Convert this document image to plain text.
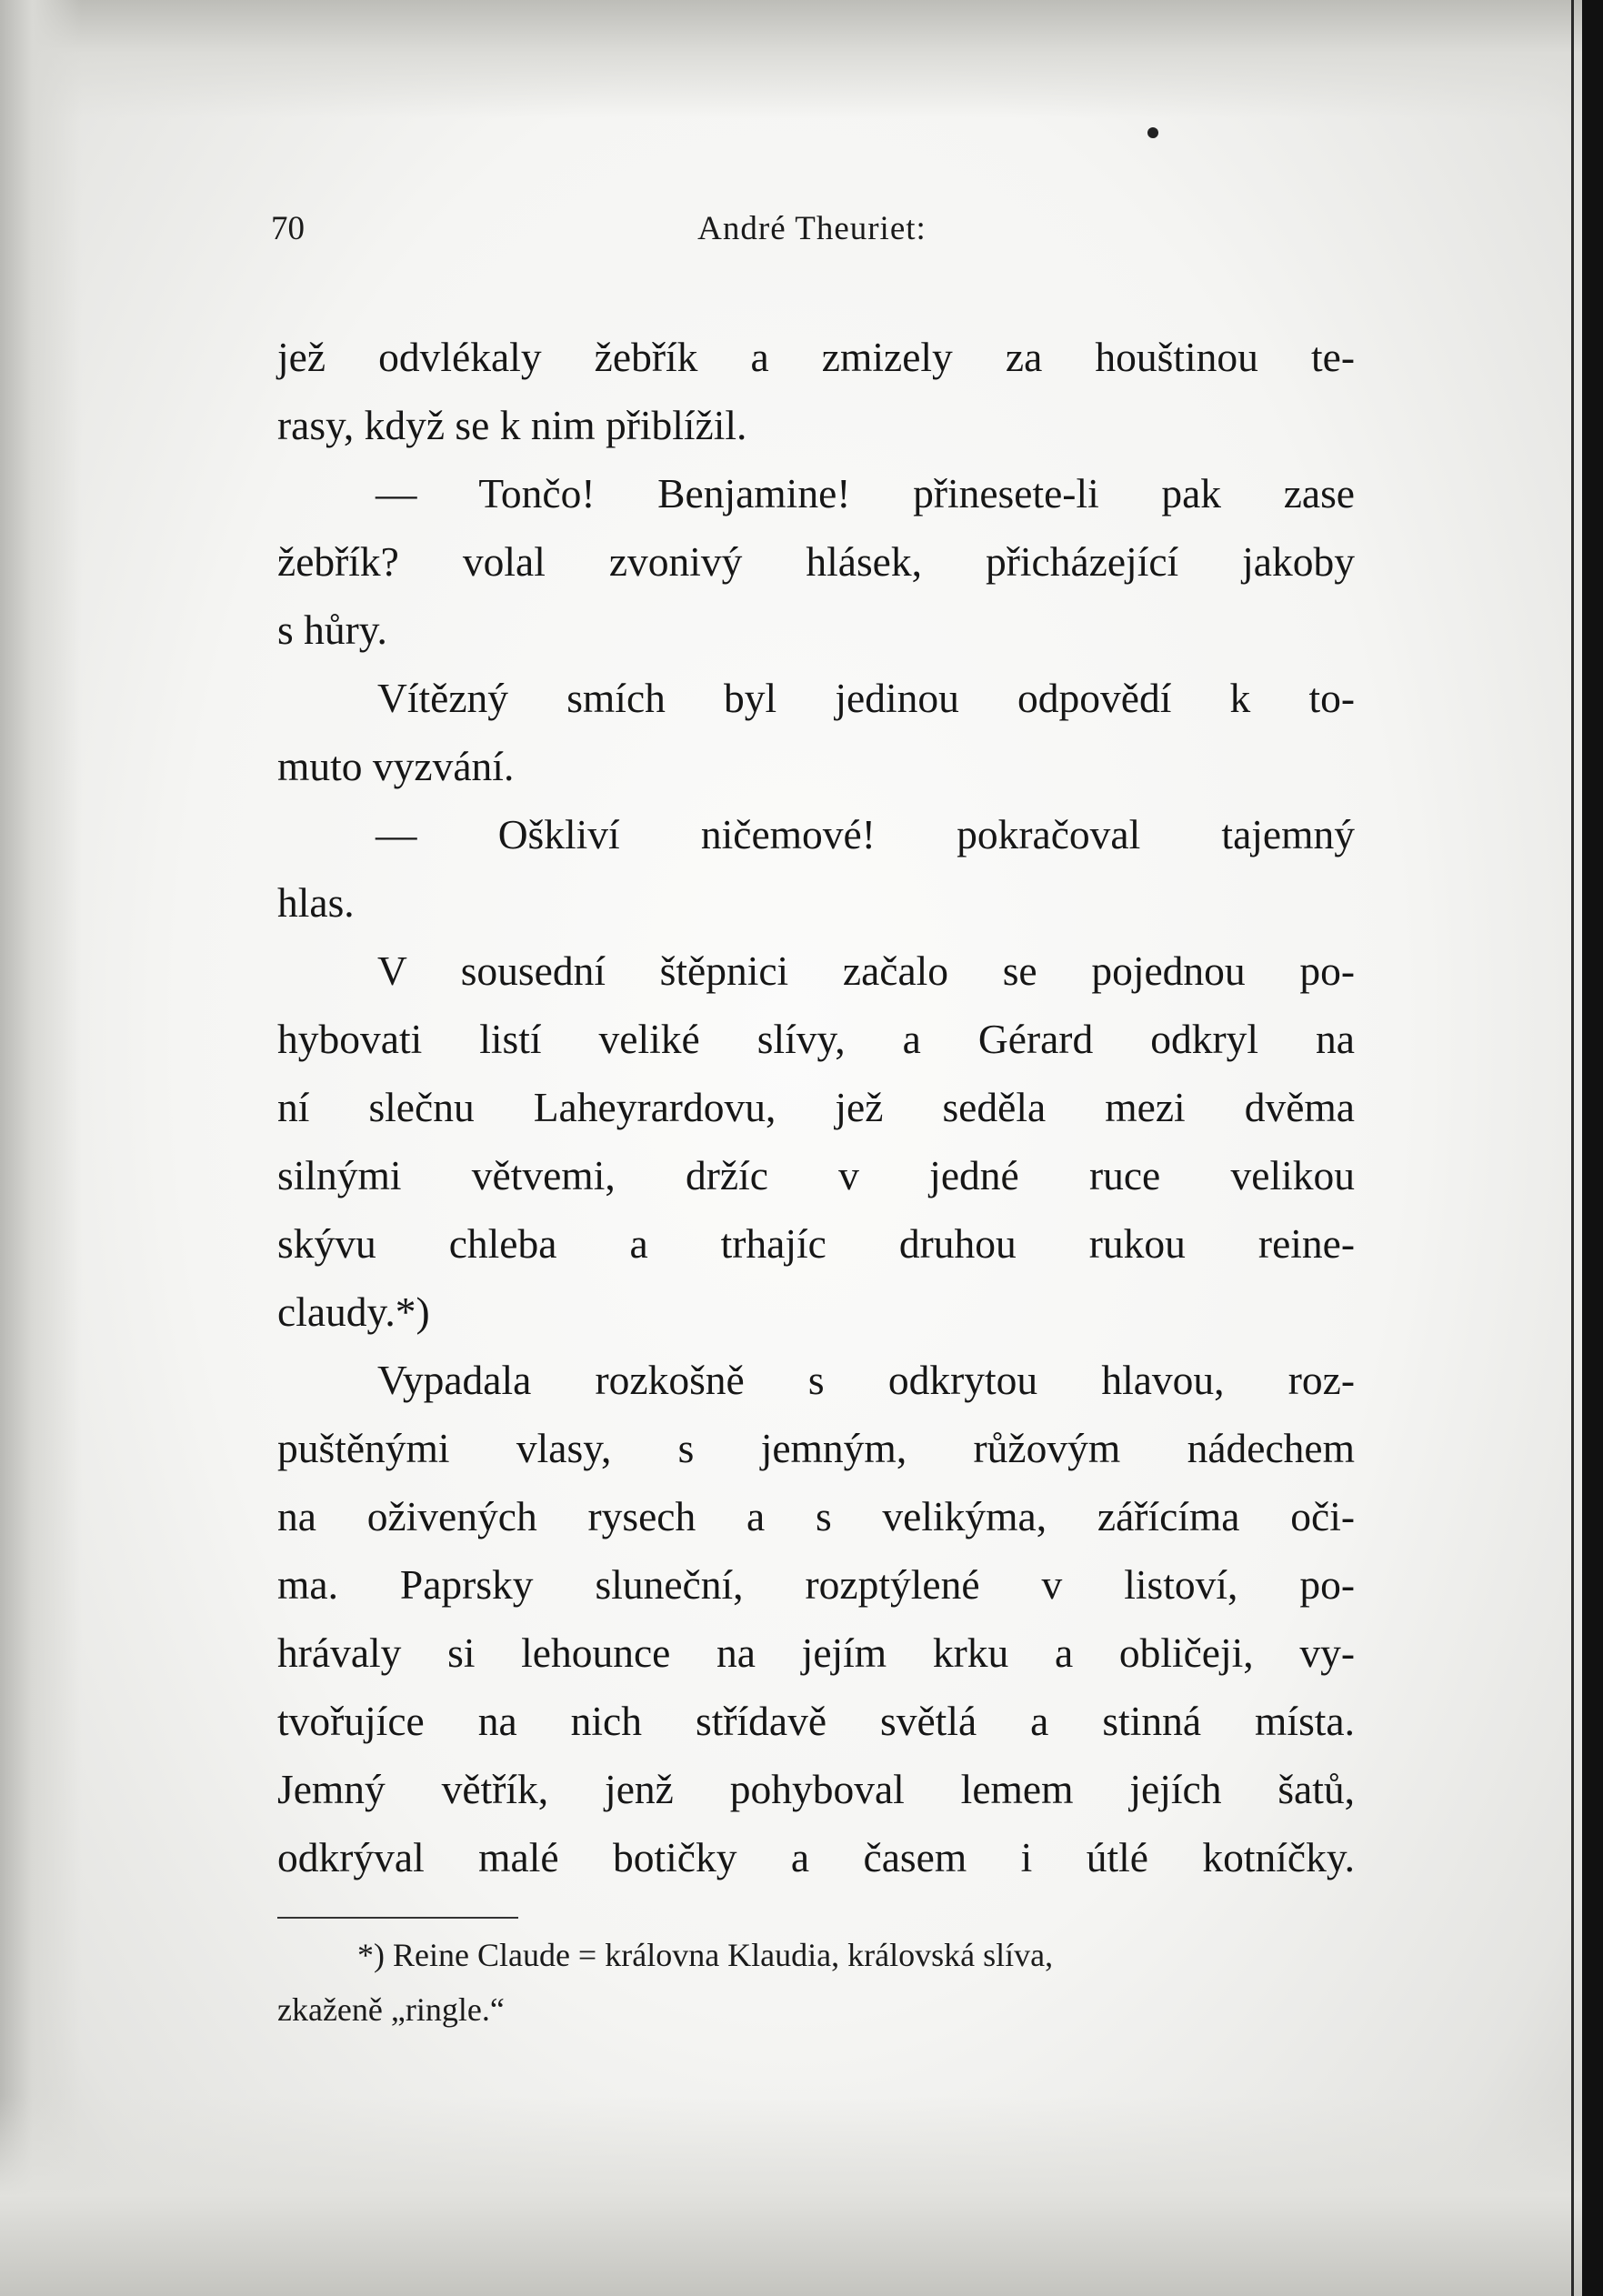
70	André Theuriet:
jež odvlékaly žebřík a zmizely za houštinou te-
rasy, když se k nim přiblížil.
— Tončo! Benjamine! přinesete-li pak zase
žebřík? volal zvonivý hlásek, přicházející jakoby
s hůry.
Vítězný smích byl jedinou odpovědí k to-
muto vyzvání.
— Oškliví ničemové! pokračoval tajemný
hlas.
V sousední štěpnici začalo se pojednou po-
hybovati listí veliké slívy, a Gérard odkryl na
ní slečnu Laheyrardovu, jež seděla mezi dvěma
silnými větvemi, držíc v jedné ruce velikou
skývu chleba a trhajíc druhou rukou reine-
claudy.*)
Vypadala rozkošně s odkrytou hlavou, roz-
puštěnými vlasy, s jemným, růžovým nádechem
na oživených rysech a s velikýma, zářícíma oči-
ma. Paprsky sluneční, rozptýlené v listoví, po-
hrávaly si lehounce na jejím krku a obličeji, vy-
tvořujíce na nich střídavě světlá a stinná místa.
Jemný větřík, jenž pohyboval lemem jejích šatů,
odkrýval malé botičky a časem i útlé kotníčky.
*) Reine Claude = královna Klaudia, královská slíva,
zkaženě „ringle.“
